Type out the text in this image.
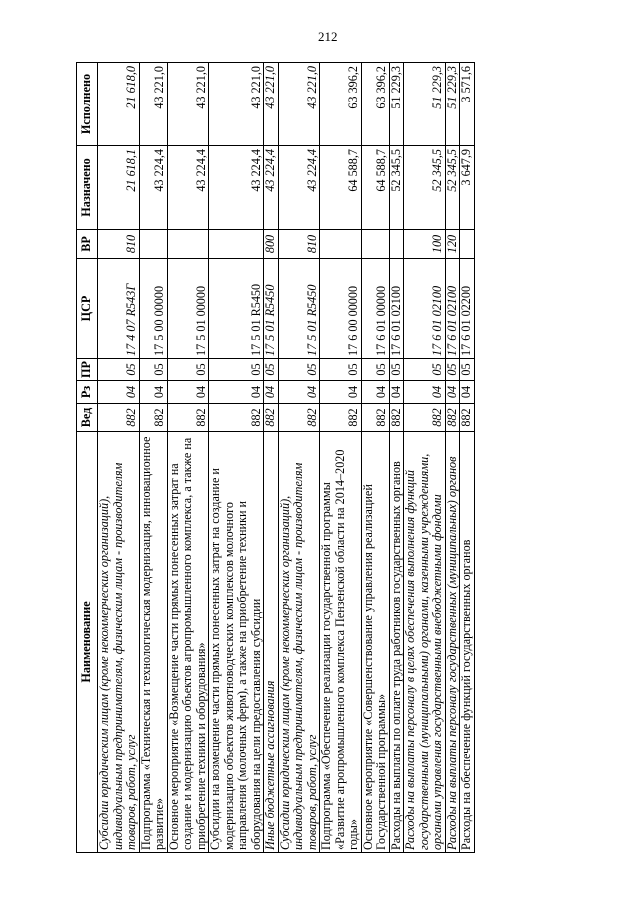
212
Наименование	Вед	Рз	ПР	ЦСР	ВР	Назначено	Исполнено
Субсидии юридическим лицам (кроме некоммерческих организаций), индивидуальным предпринимателям, физическим лицам - производителям товаров, работ, услуг	882	04	05	17 4 07 R543Г	810	21 618,1	21 618,0
Подпрограмма «Техническая и технологическая модернизация, инновационное развитие»	882	04	05	17 5 00 00000		43 224,4	43 221,0
Основное мероприятие «Возмещение части прямых понесенных затрат на создание и модернизацию объектов агропромышленного комплекса, а также на приобретение техники и оборудования»	882	04	05	17 5 01 00000		43 224,4	43 221,0
Субсидии на возмещение части прямых понесенных затрат на создание и модернизацию объектов животноводческих комплексов молочного направления (молочных ферм), а также на приобретение техники и оборудования на цели предоставления субсидии	882	04	05	17 5 01 R5450		43 224,4	43 221,0
Иные бюджетные ассигнования	882	04	05	17 5 01 R5450	800	43 224,4	43 221,0
Субсидии юридическим лицам (кроме некоммерческих организаций), индивидуальным предпринимателям, физическим лицам - производителям товаров, работ, услуг	882	04	05	17 5 01 R5450	810	43 224,4	43 221,0
Подпрограмма «Обеспечение реализации государственной программы «Развитие агропромышленного комплекса Пензенской области на 2014–2020 годы»	882	04	05	17 6 00 00000		64 588,7	63 396,2
Основное мероприятие «Совершенствование управления реализацией Государственной программы»	882	04	05	17 6 01 00000		64 588,7	63 396,2
Расходы на выплаты по оплате труда работников государственных органов	882	04	05	17 6 01 02100		52 345,5	51 229,3
Расходы на выплаты персоналу в целях обеспечения выполнения функций государственными (муниципальными) органами, казенными учреждениями, органами управления государственными внебюджетными фондами	882	04	05	17 6 01 02100	100	52 345,5	51 229,3
Расходы на выплаты персоналу государственных (муниципальных) органов	882	04	05	17 6 01 02100	120	52 345,5	51 229,3
Расходы на обеспечение функций государственных органов	882	04	05	17 6 01 02200		3 647,9	3 571,6
